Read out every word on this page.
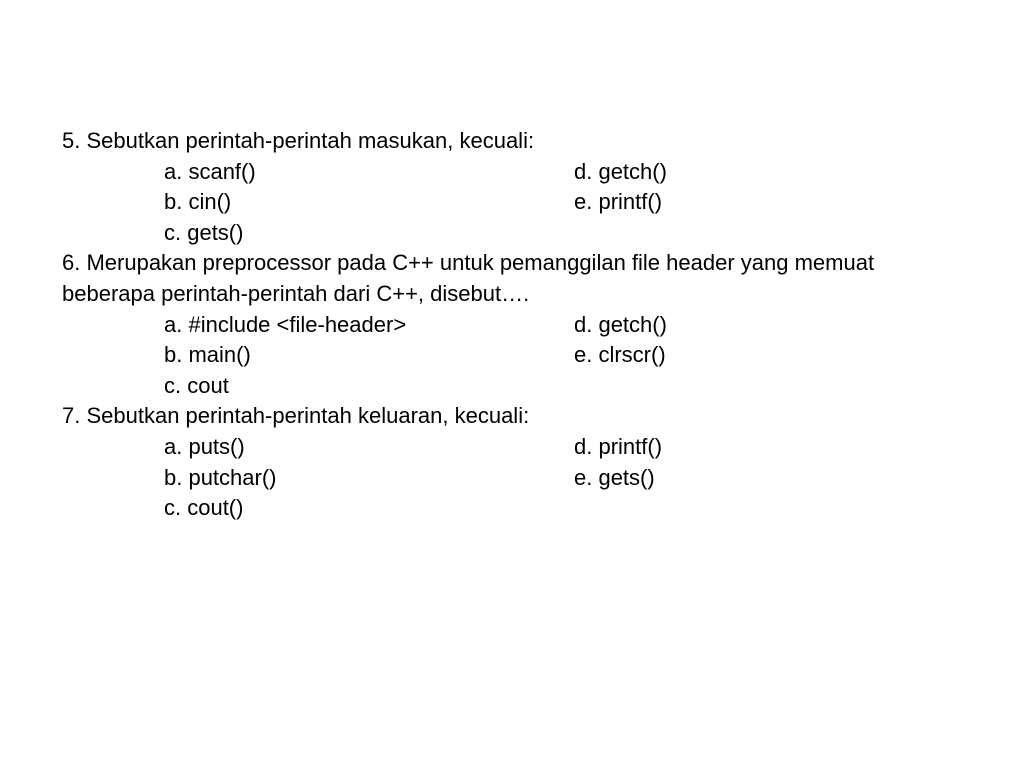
5. Sebutkan perintah-perintah masukan, kecuali:
a. scanf()	d. getch()
b. cin()	e. printf()
c. gets()
6. Merupakan preprocessor pada C++ untuk pemanggilan file header yang memuat beberapa perintah-perintah dari C++, disebut….
a. #include <file-header>	d. getch()
b. main()	e. clrscr()
c. cout
7. Sebutkan perintah-perintah keluaran, kecuali:
a. puts()	d. printf()
b. putchar()	e. gets()
c. cout()
